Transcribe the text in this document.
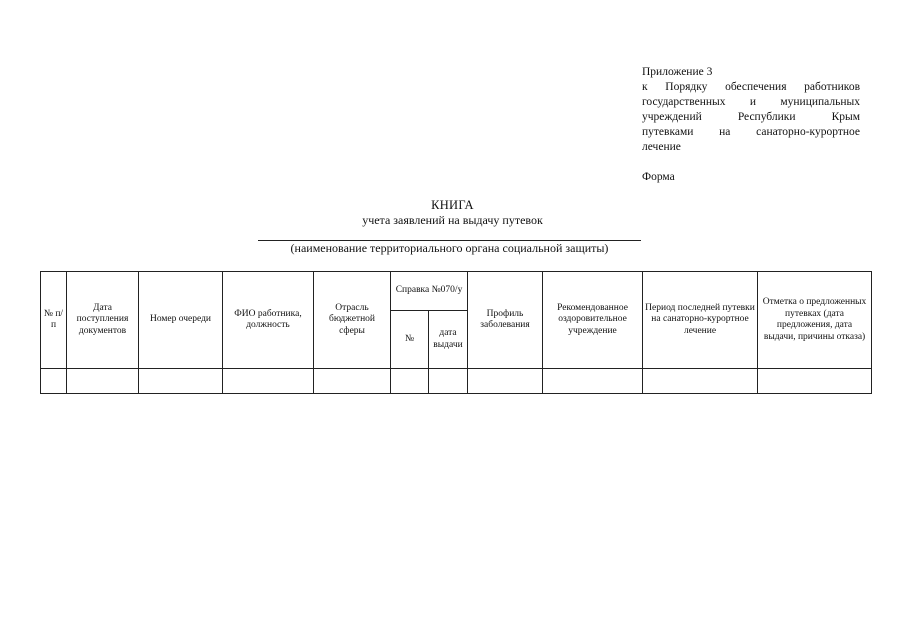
Приложение 3
к Порядку обеспечения работников
государственных и муниципальных
учреждений Республики Крым
путевками на санаторно-курортное
лечение
Форма
КНИГА
учета заявлений на выдачу путевок
(наименование территориального органа социальной защиты)
№ п/п	Дата поступления документов	Номер очереди	ФИО работника, должность	Отрасль бюджетной сферы	Справка №070/у		Профиль заболевания	Рекомендованное оздоровительное учреждение	Период последней путевки на санаторно-курортное лечение	Отметка о предложенных путевках (дата предложения, дата выдачи, причины отказа)
					№	дата выдачи				
